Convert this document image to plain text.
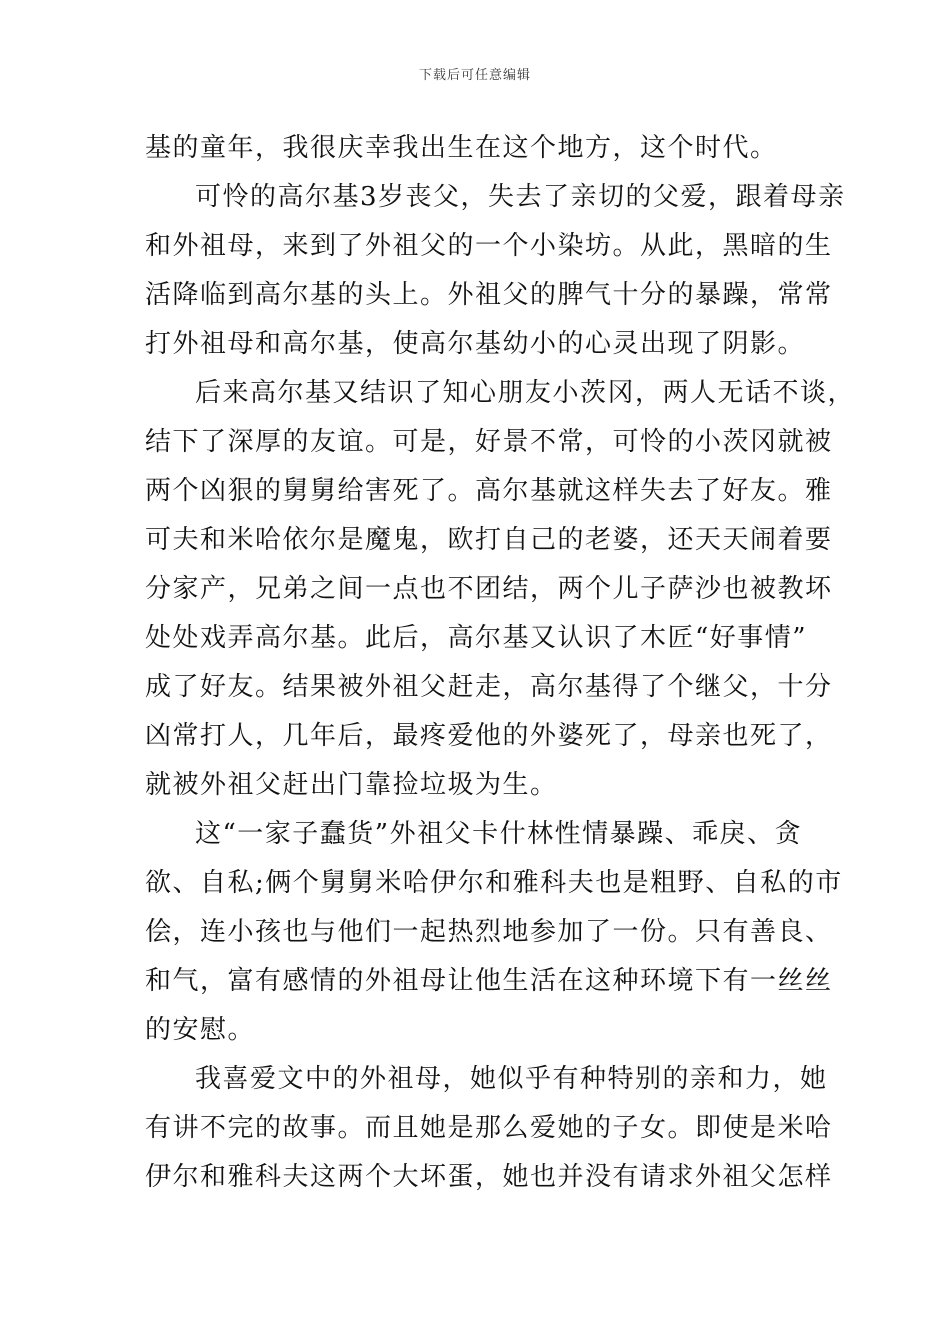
下载后可任意编辑
基的童年，我很庆幸我出生在这个地方，这个时代。
可怜的高尔基3岁丧父，失去了亲切的父爱，跟着母亲
和外祖母，来到了外祖父的一个小染坊。从此，黑暗的生
活降临到高尔基的头上。外祖父的脾气十分的暴躁，常常
打外祖母和高尔基，使高尔基幼小的心灵出现了阴影。
后来高尔基又结识了知心朋友小茨冈，两人无话不谈，
结下了深厚的友谊。可是，好景不常，可怜的小茨冈就被
两个凶狠的舅舅给害死了。高尔基就这样失去了好友。雅
可夫和米哈依尔是魔鬼，欧打自己的老婆，还天天闹着要
分家产，兄弟之间一点也不团结，两个儿子萨沙也被教坏
处处戏弄高尔基。此后，高尔基又认识了木匠“好事情”
成了好友。结果被外祖父赶走，高尔基得了个继父，十分
凶常打人，几年后，最疼爱他的外婆死了，母亲也死了，
就被外祖父赶出门靠捡垃圾为生。
这“一家子蠢货”外祖父卡什林性情暴躁、乖戾、贪
欲、自私;俩个舅舅米哈伊尔和雅科夫也是粗野、自私的市
侩，连小孩也与他们一起热烈地参加了一份。只有善良、
和气，富有感情的外祖母让他生活在这种环境下有一丝丝
的安慰。
我喜爱文中的外祖母，她似乎有种特别的亲和力，她
有讲不完的故事。而且她是那么爱她的子女。即使是米哈
伊尔和雅科夫这两个大坏蛋，她也并没有请求外祖父怎样
